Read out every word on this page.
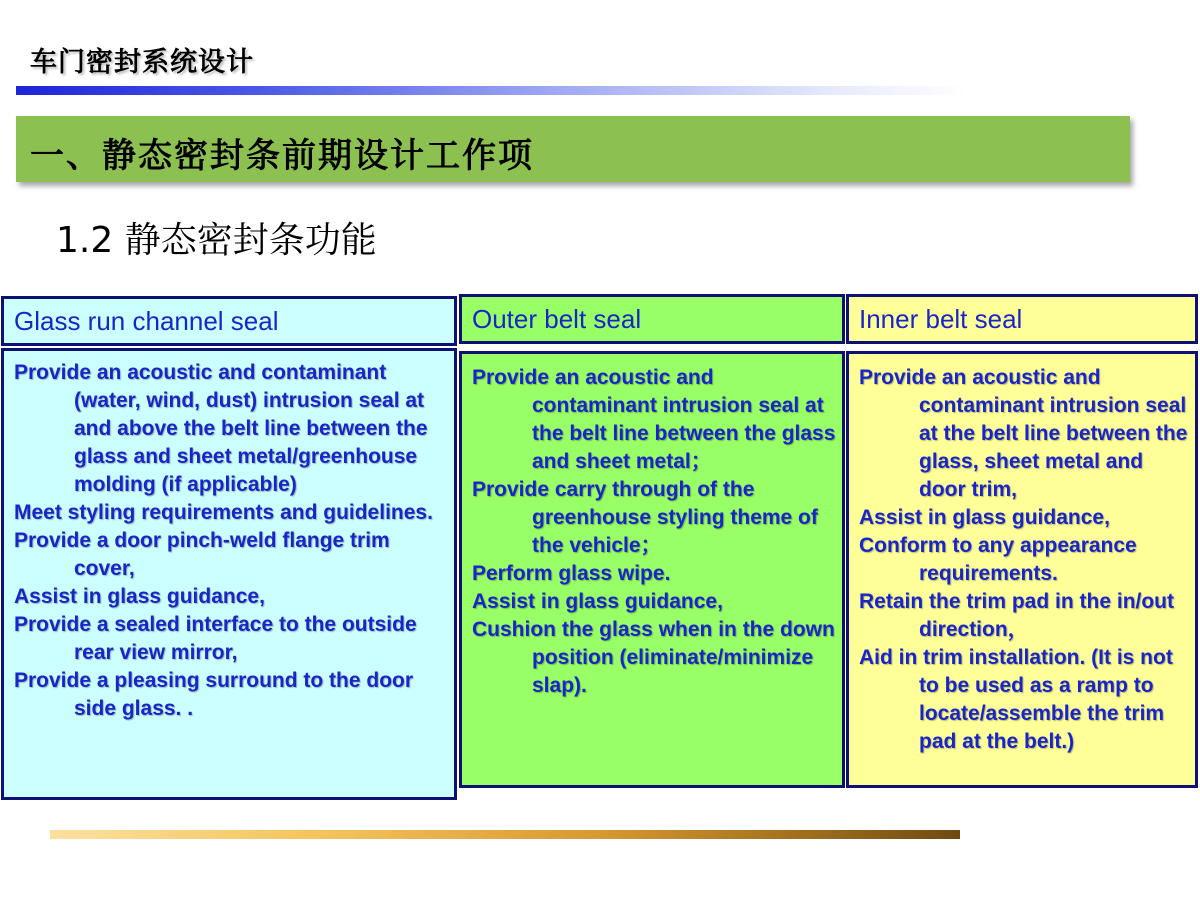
车门密封系统设计
一、静态密封条前期设计工作项
1.2 静态密封条功能
Glass run channel seal
Provide an acoustic and contaminant (water, wind, dust) intrusion seal at and above the belt line between the glass and sheet metal/greenhouse molding (if applicable)
Meet styling requirements and guidelines.
Provide a door pinch-weld flange trim cover,
Assist in glass guidance,
Provide a sealed interface to the outside rear view mirror,
Provide a pleasing surround to the door side glass. .
Outer belt seal
Provide an acoustic and contaminant intrusion seal at the belt line between the glass and sheet metal；
Provide carry through of the greenhouse styling theme of the vehicle；
Perform glass wipe.
Assist in glass guidance,
Cushion the glass when in the down position (eliminate/minimize slap).
Inner belt seal
Provide an acoustic and contaminant intrusion seal at the belt line between the glass, sheet metal and door trim,
Assist in glass guidance,
Conform to any appearance requirements.
Retain the trim pad in the in/out direction，
Aid in trim installation. (It is not to be used as a ramp to locate/assemble the trim pad at the belt.)
